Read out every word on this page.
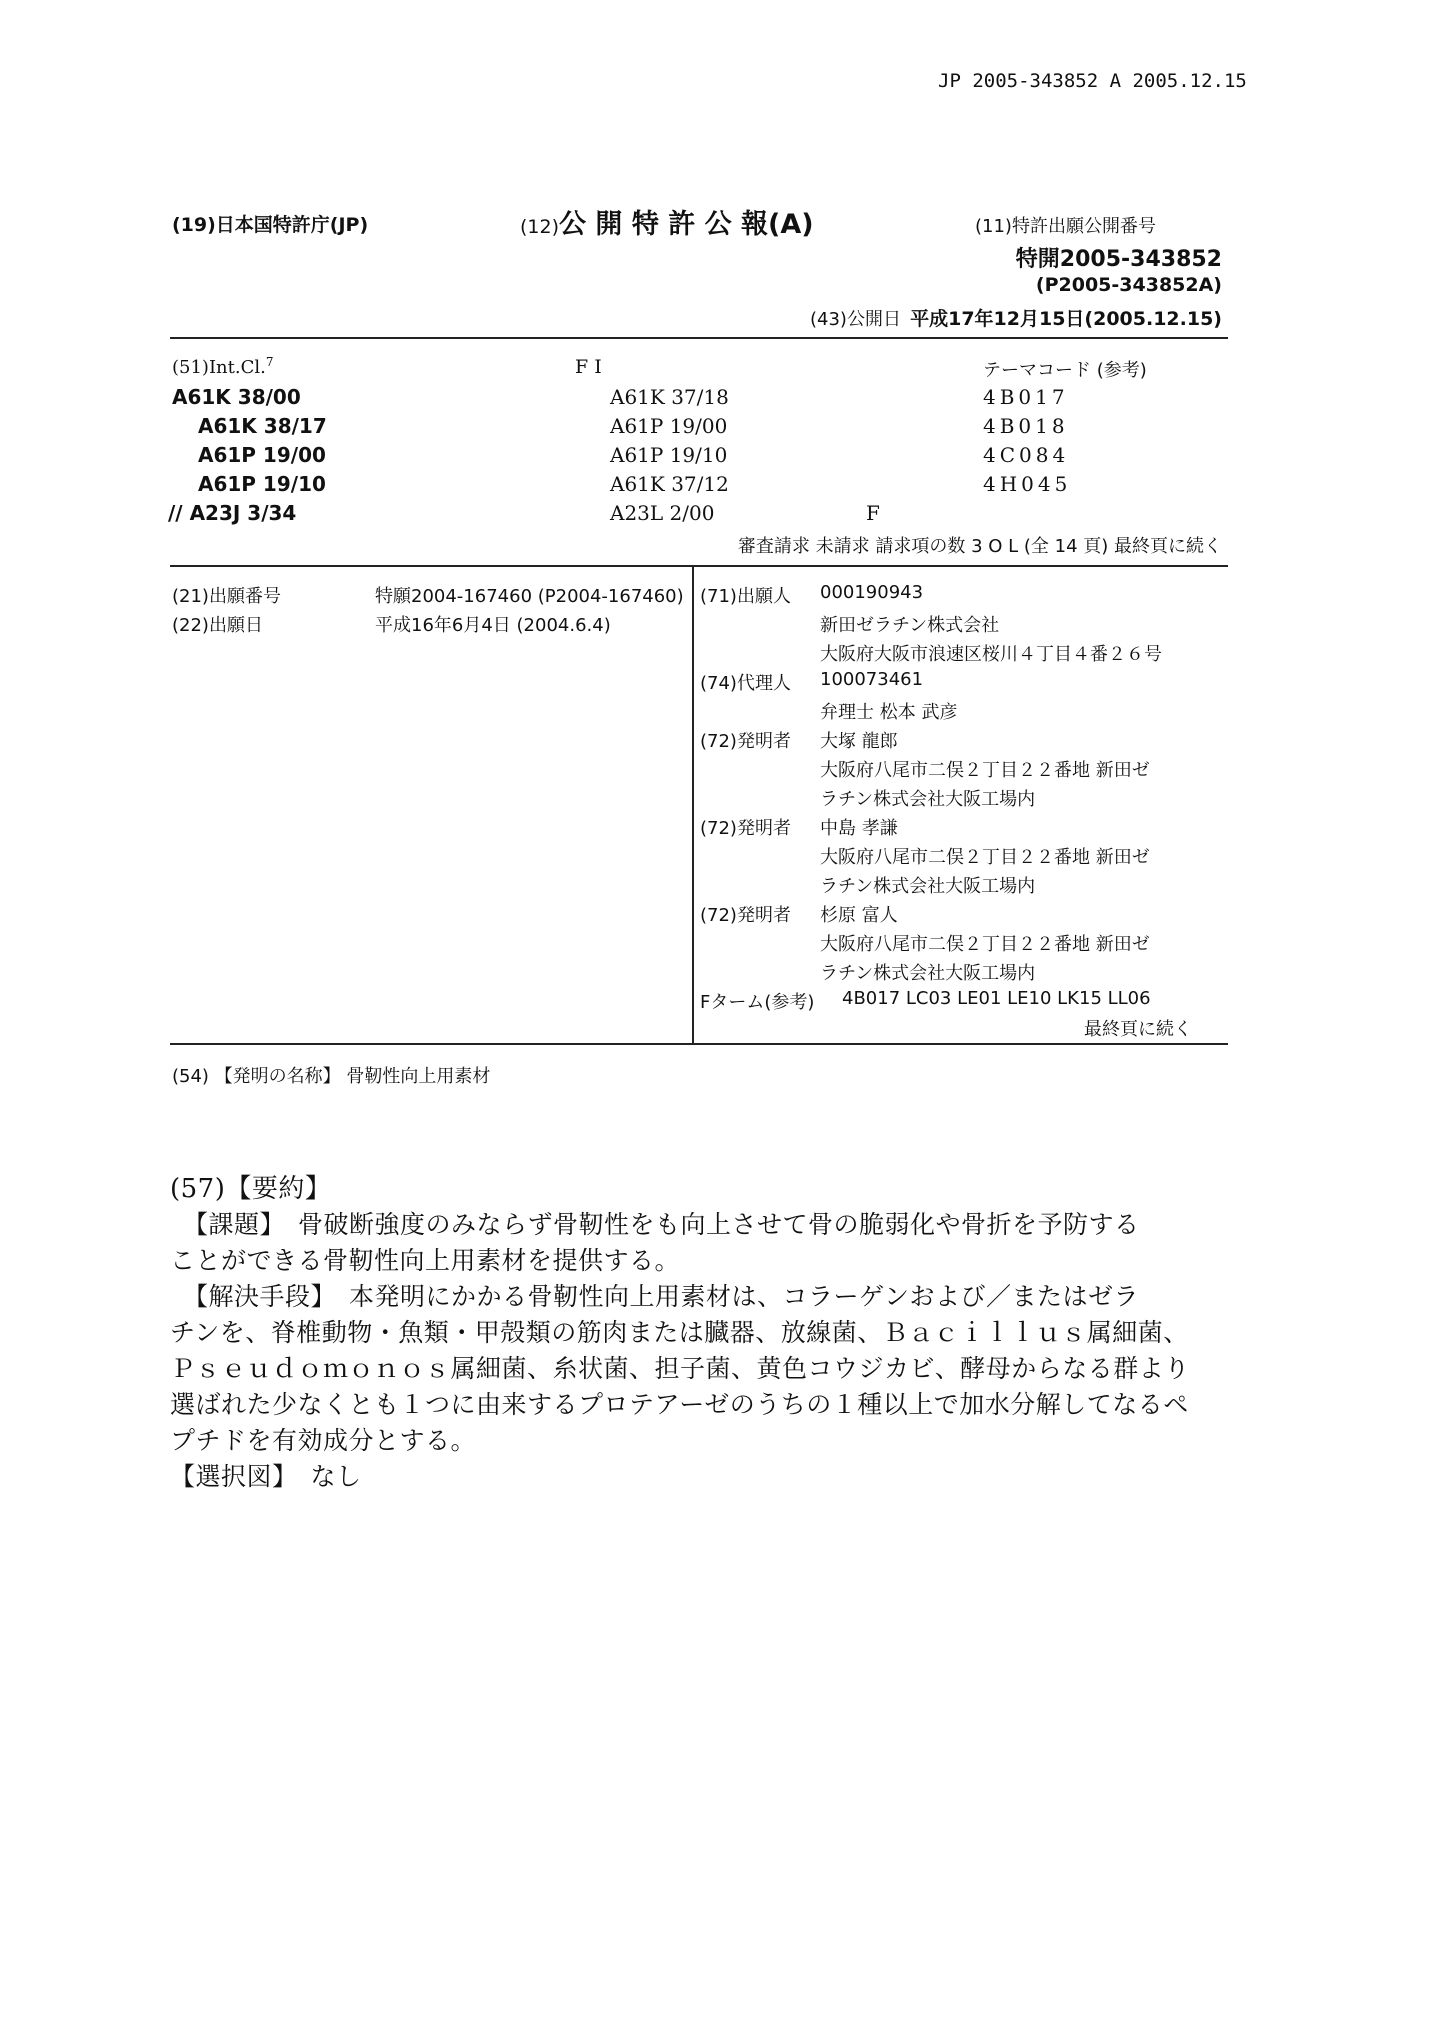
JP 2005-343852 A 2005.12.15
(19)日本国特許庁(JP)	(12)公 開 特 許 公 報(A)	(11)特許出願公開番号
特開2005-343852
(P2005-343852A)
(43)公開日 平成17年12月15日(2005.12.15)
(51)Int.Cl.$^7$	F I	テーマコード (参考)
A61K 38/00	A61K 37/18	4B017
A61K 38/17	A61P 19/00	4B018
A61P 19/00	A61P 19/10	4C084
A61P 19/10	A61K 37/12	4H045
// A23J 3/34	A23L 2/00	F
審査請求 未請求 請求項の数 3 O L (全 14 頁) 最終頁に続く
(21)出願番号	特願2004-167460 (P2004-167460)
(22)出願日	平成16年6月4日 (2004.6.4)
(71)出願人 000190943
新田ゼラチン株式会社
大阪府大阪市浪速区桜川４丁目４番２６号
(74)代理人 100073461
弁理士 松本 武彦
(72)発明者 大塚 龍郎
大阪府八尾市二俣２丁目２２番地 新田ゼ
ラチン株式会社大阪工場内
(72)発明者 中島 孝謙
大阪府八尾市二俣２丁目２２番地 新田ゼ
ラチン株式会社大阪工場内
(72)発明者 杉原 富人
大阪府八尾市二俣２丁目２２番地 新田ゼ
ラチン株式会社大阪工場内
Fターム(参考) 4B017 LC03 LE01 LE10 LK15 LL06
最終頁に続く
(54) 【発明の名称】 骨靭性向上用素材
(57)【要約】
　【課題】　骨破断強度のみならず骨靭性をも向上させて骨の脆弱化や骨折を予防する
ことができる骨靭性向上用素材を提供する。
　【解決手段】　本発明にかかる骨靭性向上用素材は、コラーゲンおよび／またはゼラ
チンを、脊椎動物・魚類・甲殻類の筋肉または臓器、放線菌、Ｂａｃｉｌｌｕｓ属細菌、
Ｐｓｅｕｄｏｍｏｎｏｓ属細菌、糸状菌、担子菌、黄色コウジカビ、酵母からなる群より
選ばれた少なくとも１つに由来するプロテアーゼのうちの１種以上で加水分解してなるペ
プチドを有効成分とする。
【選択図】　なし
